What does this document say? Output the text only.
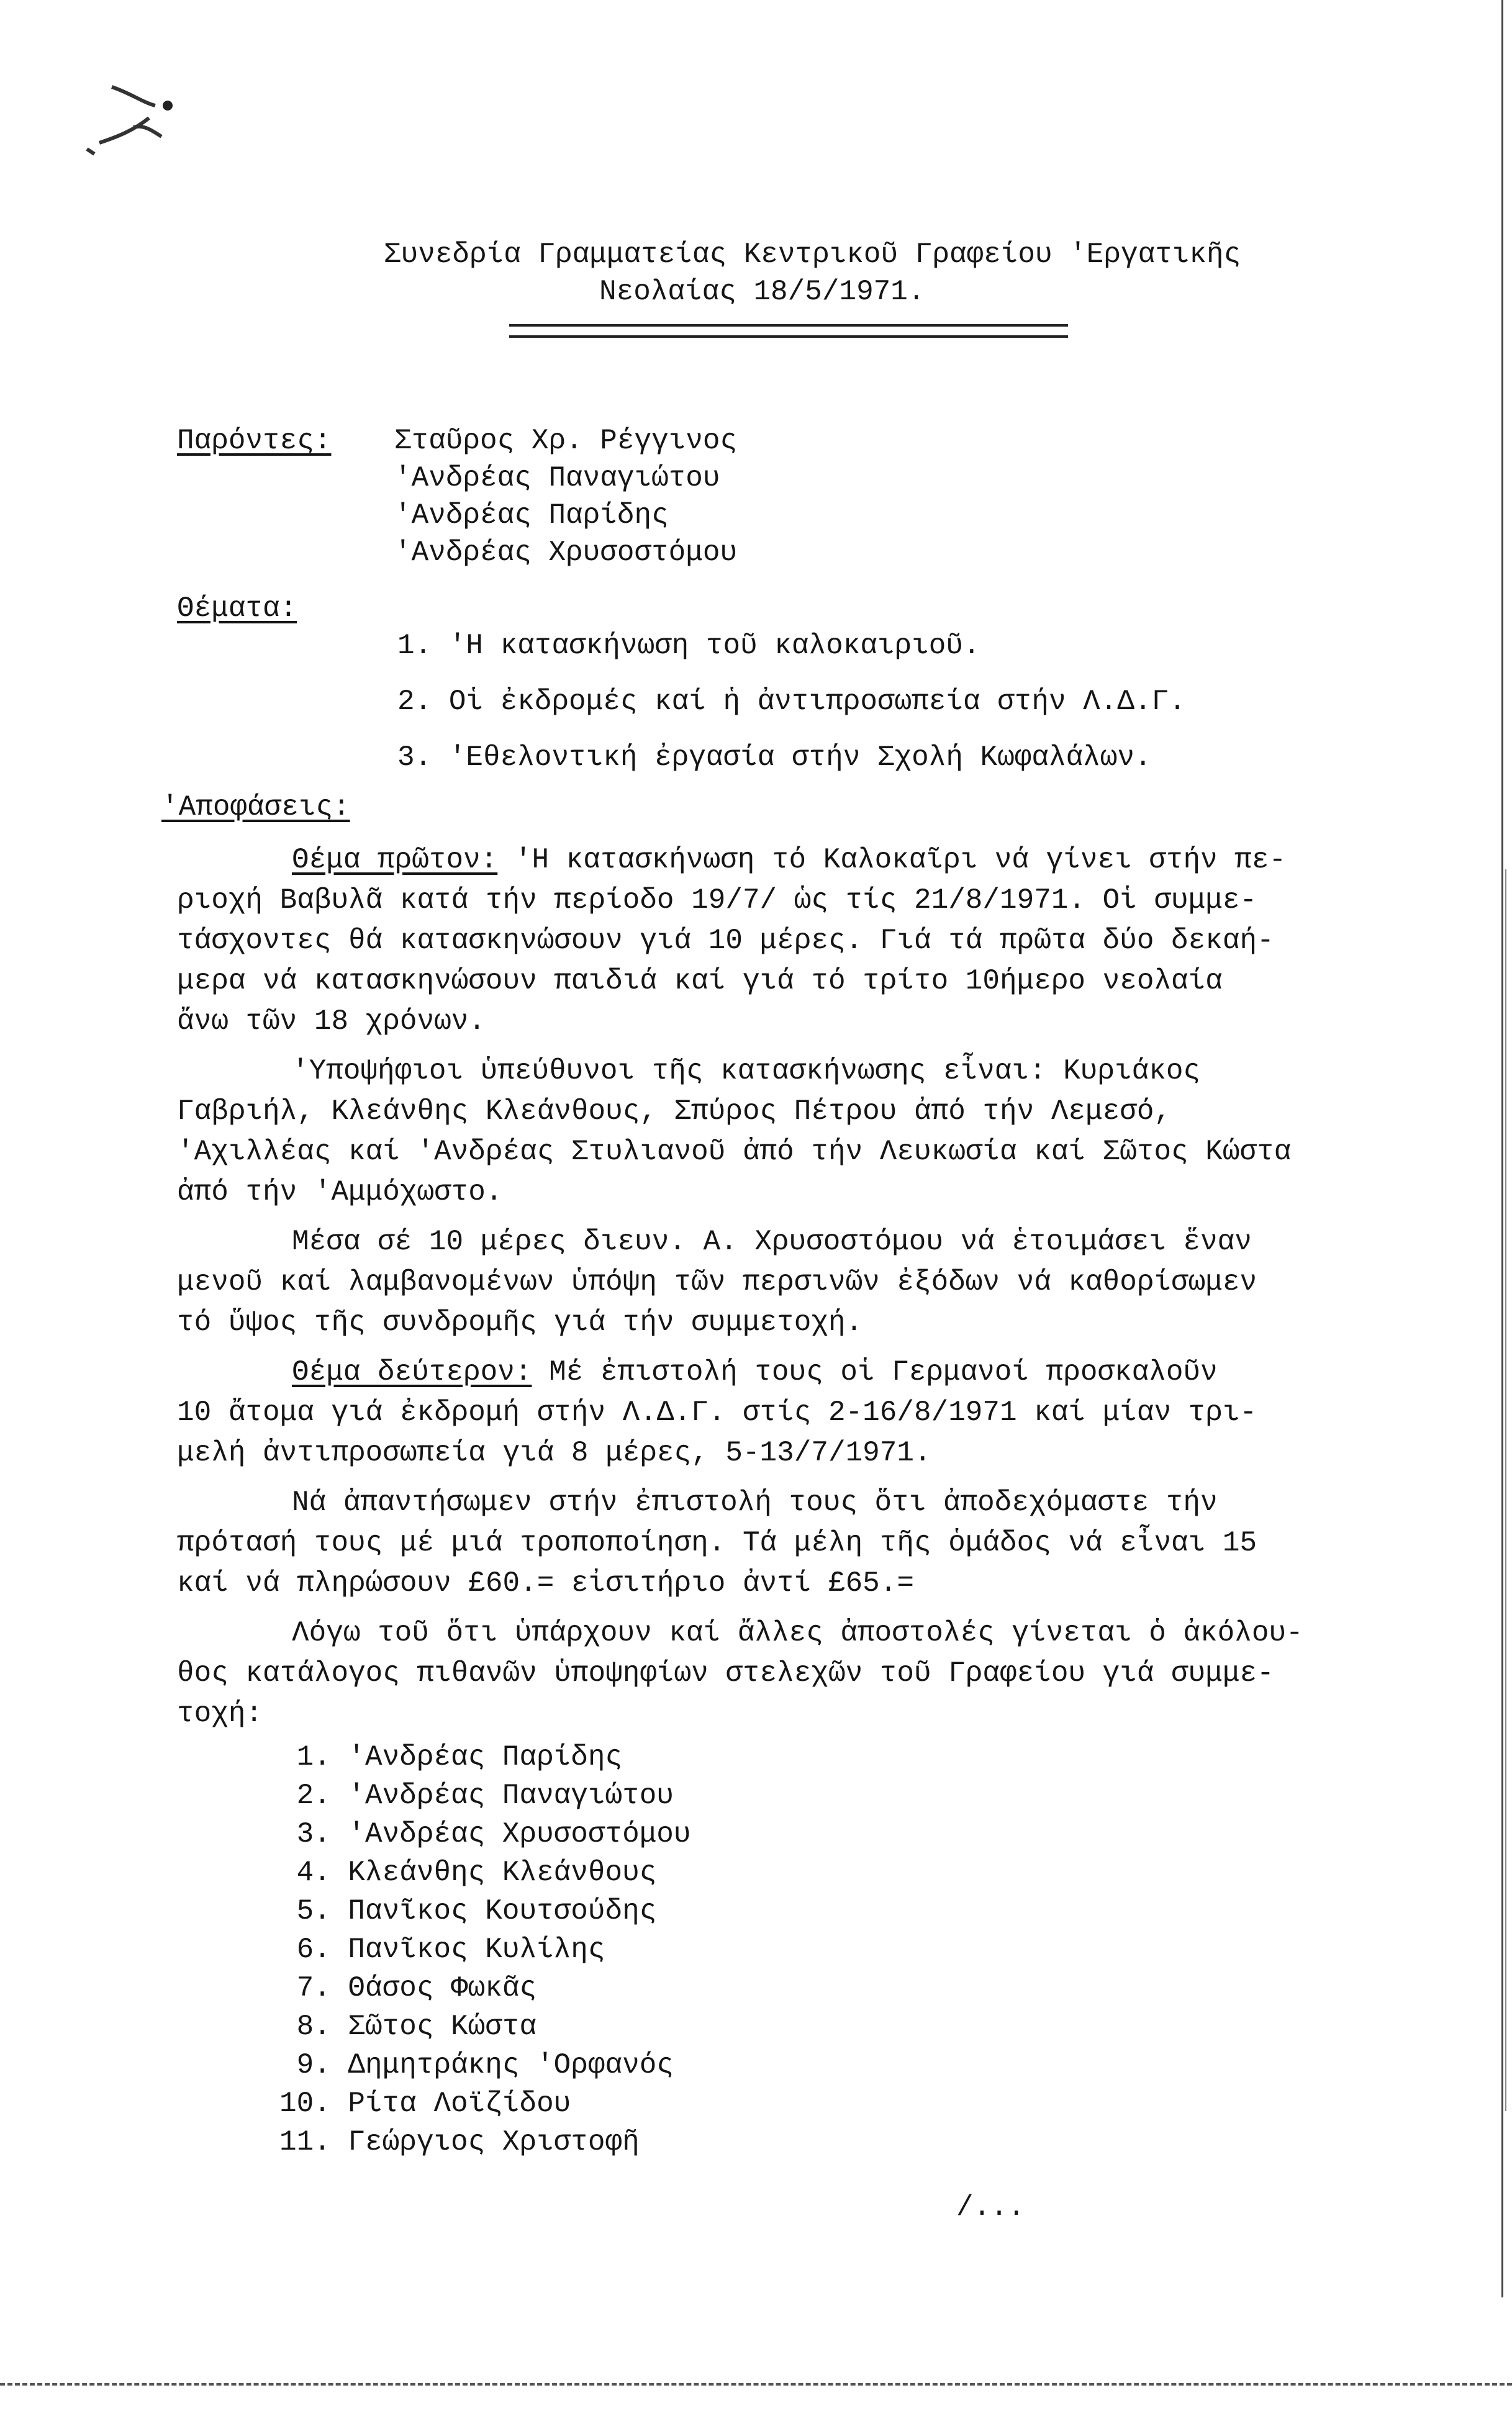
Συνεδρία Γραμματείας Κεντρικοῦ Γραφείου 'Εργατικῆς
Νεολαίας 18/5/1971.
Παρόντες: Σταῦρος Χρ. Ρέγγινος
'Ανδρέας Παναγιώτου
'Ανδρέας Παρίδης
'Ανδρέας Χρυσοστόμου
Θέματα:
1. 'Η κατασκήνωση τοῦ καλοκαιριοῦ.
2. Οἱ ἐκδρομές καί ἡ ἀντιπροσωπεία στήν Λ.Δ.Γ.
3. 'Εθελοντική ἐργασία στήν Σχολή Κωφαλάλων.
'Αποφάσεις:
Θέμα πρῶτον: 'Η κατασκήνωση τό Καλοκαῖρι νά γίνει στήν πε-
ριοχή Βαβυλᾶ κατά τήν περίοδο 19/7/ ὡς τίς 21/8/1971. Οἱ συμμε-
τάσχοντες θά κατασκηνώσουν γιά 10 μέρες. Γιά τά πρῶτα δύο δεκαή-
μερα νά κατασκηνώσουν παιδιά καί γιά τό τρίτο 10ήμερο νεολαία
ἄνω τῶν 18 χρόνων.
'Υποψήφιοι ὑπεύθυνοι τῆς κατασκήνωσης εἶναι: Κυριάκος
Γαβριήλ, Κλεάνθης Κλεάνθους, Σπύρος Πέτρου ἀπό τήν Λεμεσό,
'Αχιλλέας καί 'Ανδρέας Στυλιανοῦ ἀπό τήν Λευκωσία καί Σῶτος Κώστα
ἀπό τήν 'Αμμόχωστο.
Μέσα σέ 10 μέρες διευν. Α. Χρυσοστόμου νά ἑτοιμάσει ἕναν
μενοῦ καί λαμβανομένων ὑπόψη τῶν περσινῶν ἐξόδων νά καθορίσωμεν
τό ὕψος τῆς συνδρομῆς γιά τήν συμμετοχή.
Θέμα δεύτερον: Μέ ἐπιστολή τους οἱ Γερμανοί προσκαλοῦν
10 ἄτομα γιά ἐκδρομή στήν Λ.Δ.Γ. στίς 2-16/8/1971 καί μίαν τρι-
μελή ἀντιπροσωπεία γιά 8 μέρες, 5-13/7/1971.
Νά ἀπαντήσωμεν στήν ἐπιστολή τους ὅτι ἀποδεχόμαστε τήν
πρότασή τους μέ μιά τροποποίηση. Τά μέλη τῆς ὁμάδος νά εἶναι 15
καί νά πληρώσουν £60.= εἰσιτήριο ἀντί £65.=
Λόγω τοῦ ὅτι ὑπάρχουν καί ἄλλες ἀποστολές γίνεται ὁ ἀκόλου-
θος κατάλογος πιθανῶν ὑποψηφίων στελεχῶν τοῦ Γραφείου γιά συμμε-
τοχή:
1. 'Ανδρέας Παρίδης
2. 'Ανδρέας Παναγιώτου
3. 'Ανδρέας Χρυσοστόμου
4. Κλεάνθης Κλεάνθους
5. Πανῖκος Κουτσούδης
6. Πανῖκος Κυλίλης
7. Θάσος Φωκᾶς
8. Σῶτος Κώστα
9. Δημητράκης 'Ορφανός
10. Ρίτα Λοϊζίδου
11. Γεώργιος Χριστοφῆ
/...
